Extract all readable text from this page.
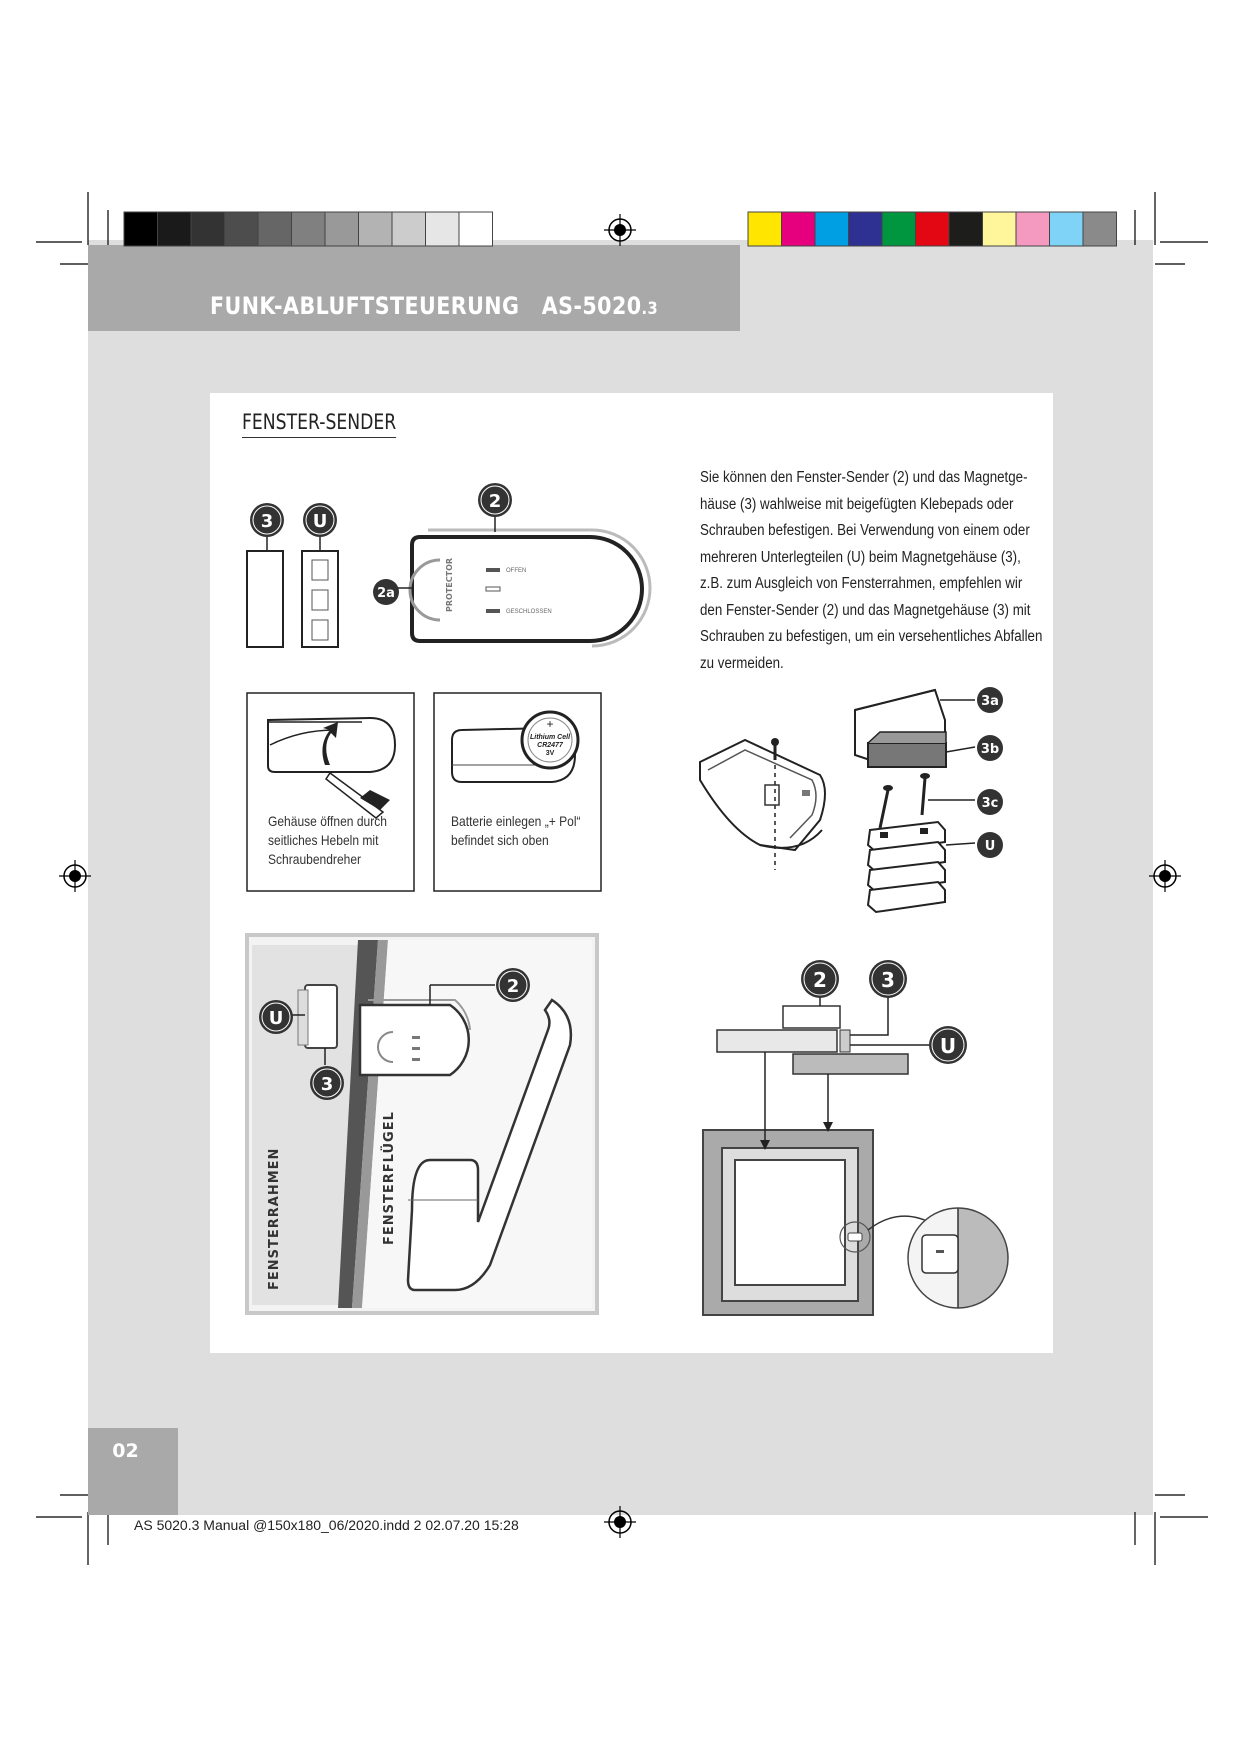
FUNK-ABLUFTSTEUERUNG AS-5020.3
FENSTER-SENDER
Sie können den Fenster-Sender (2) und das Magnetge-
häuse (3) wahlweise mit beigefügten Klebepads oder
Schrauben befestigen. Bei Verwendung von einem oder
mehreren Unterlegteilen (U) beim Magnetgehäuse (3),
z.B. zum Ausgleich von Fensterrahmen, empfehlen wir
den Fenster-Sender (2) und das Magnetgehäuse (3) mit
Schrauben zu befestigen, um ein versehentliches Abfallen
zu vermeiden.
PROTECTOR	OFFEN
GESCHLOSSEN
+
Lithium Cell
CR2477
3V
FENSTERRAHMEN	FENSTERFLÜGEL
3 U
2
2a
3a
3b
3c
U
U
3
2	2	3
U
Gehäuse öffnen durch
seitliches Hebeln mit
Schraubendreher
Batterie einlegen „+ Pol“
befindet sich oben
02
AS 5020.3 Manual @150x180_06/2020.indd 2 02.07.20 15:28
